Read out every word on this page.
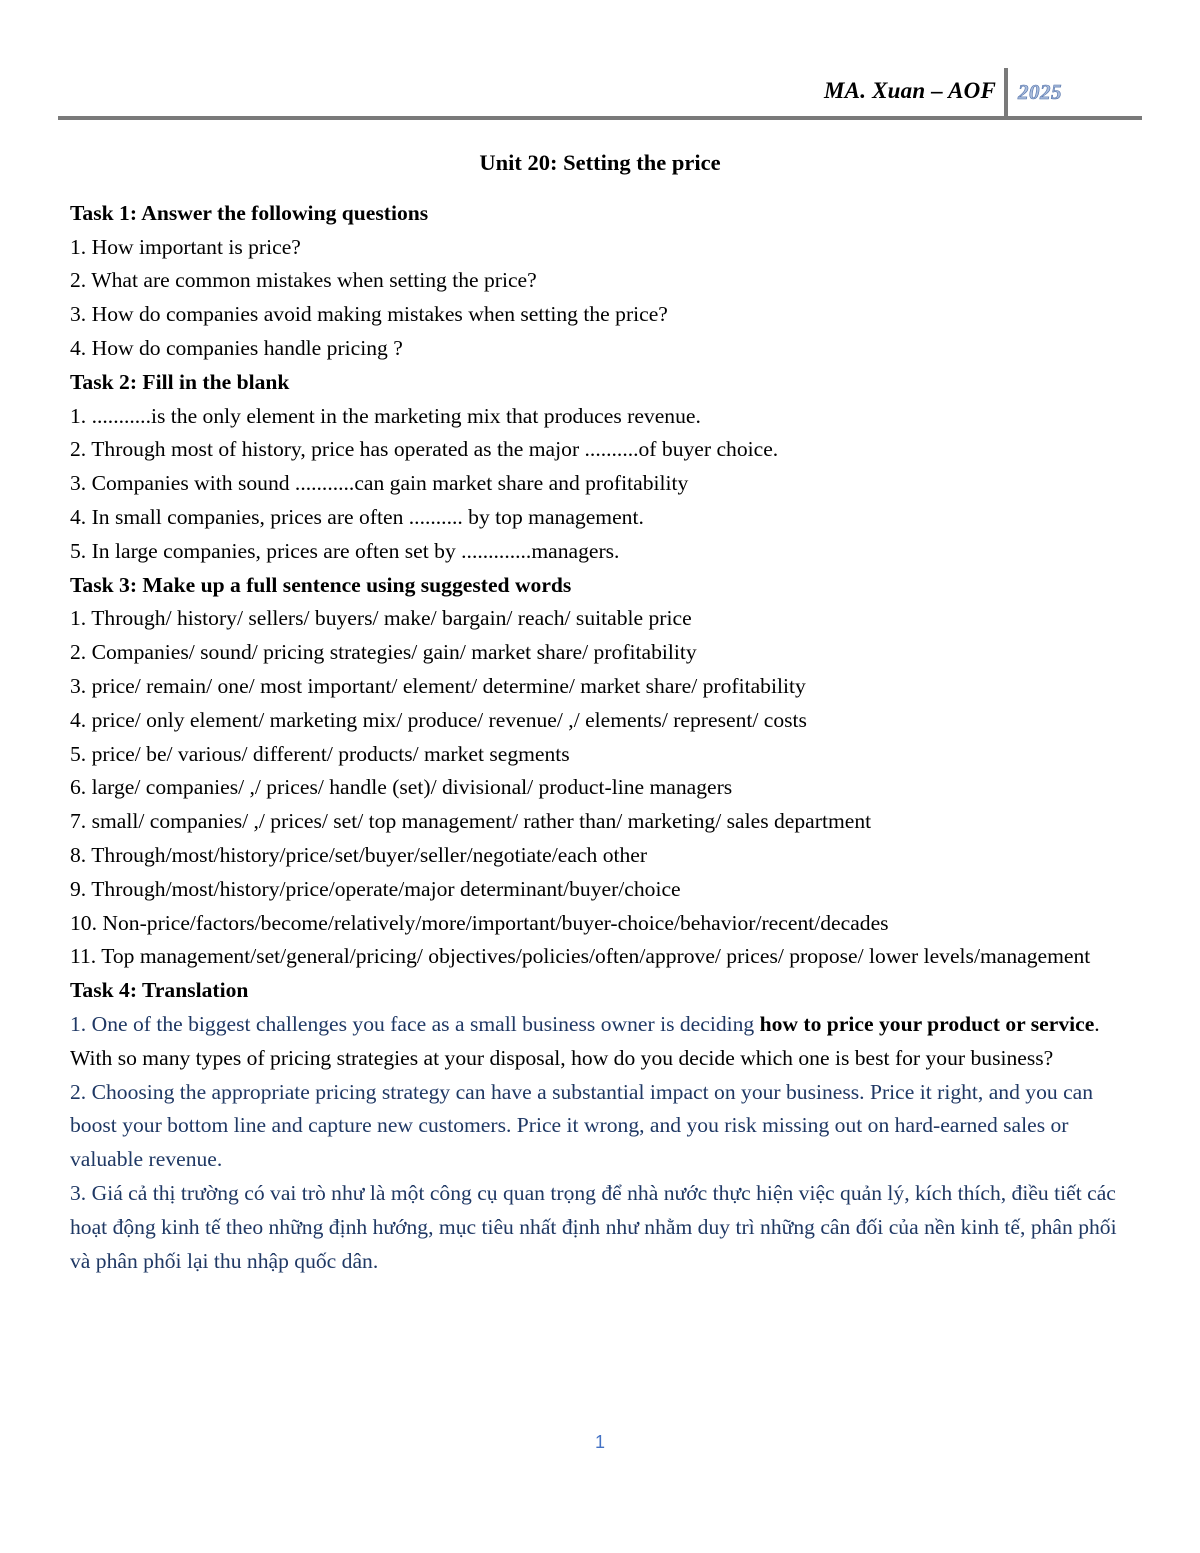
MA. Xuan – AOF 2025
Unit 20: Setting the price
Task 1: Answer the following questions
1. How important is price?
2. What are common mistakes when setting the price?
3. How do companies avoid making mistakes when setting the price?
4. How do companies handle pricing ?
Task 2: Fill in the blank
1. ...........is the only element in the marketing mix that produces revenue.
2. Through most of history, price has operated as the major ..........of buyer choice.
3. Companies with sound ...........can gain market share and profitability
4. In small companies, prices are often .......... by top management.
5. In large companies, prices are often set by .............managers.
Task 3: Make up a full sentence using suggested words
1. Through/ history/ sellers/ buyers/ make/ bargain/ reach/ suitable price
2. Companies/ sound/ pricing strategies/ gain/ market share/ profitability
3. price/ remain/ one/ most important/ element/ determine/ market share/ profitability
4. price/ only element/ marketing mix/ produce/ revenue/ ,/ elements/ represent/ costs
5. price/ be/ various/ different/ products/ market segments
6. large/ companies/ ,/ prices/ handle (set)/ divisional/ product-line managers
7. small/ companies/ ,/ prices/ set/ top management/ rather than/ marketing/ sales department
8. Through/most/history/price/set/buyer/seller/negotiate/each other
9. Through/most/history/price/operate/major determinant/buyer/choice
10. Non-price/factors/become/relatively/more/important/buyer-choice/behavior/recent/decades
11. Top management/set/general/pricing/ objectives/policies/often/approve/ prices/ propose/ lower levels/management
Task 4: Translation
1. One of the biggest challenges you face as a small business owner is deciding how to price your product or service. With so many types of pricing strategies at your disposal, how do you decide which one is best for your business?
2. Choosing the appropriate pricing strategy can have a substantial impact on your business. Price it right, and you can boost your bottom line and capture new customers. Price it wrong, and you risk missing out on hard-earned sales or valuable revenue.
3. Giá cả thị trường có vai trò như là một công cụ quan trọng để nhà nước thực hiện việc quản lý, kích thích, điều tiết các hoạt động kinh tế theo những định hướng, mục tiêu nhất định như nhằm duy trì những cân đối của nền kinh tế, phân phối và phân phối lại thu nhập quốc dân.
1
